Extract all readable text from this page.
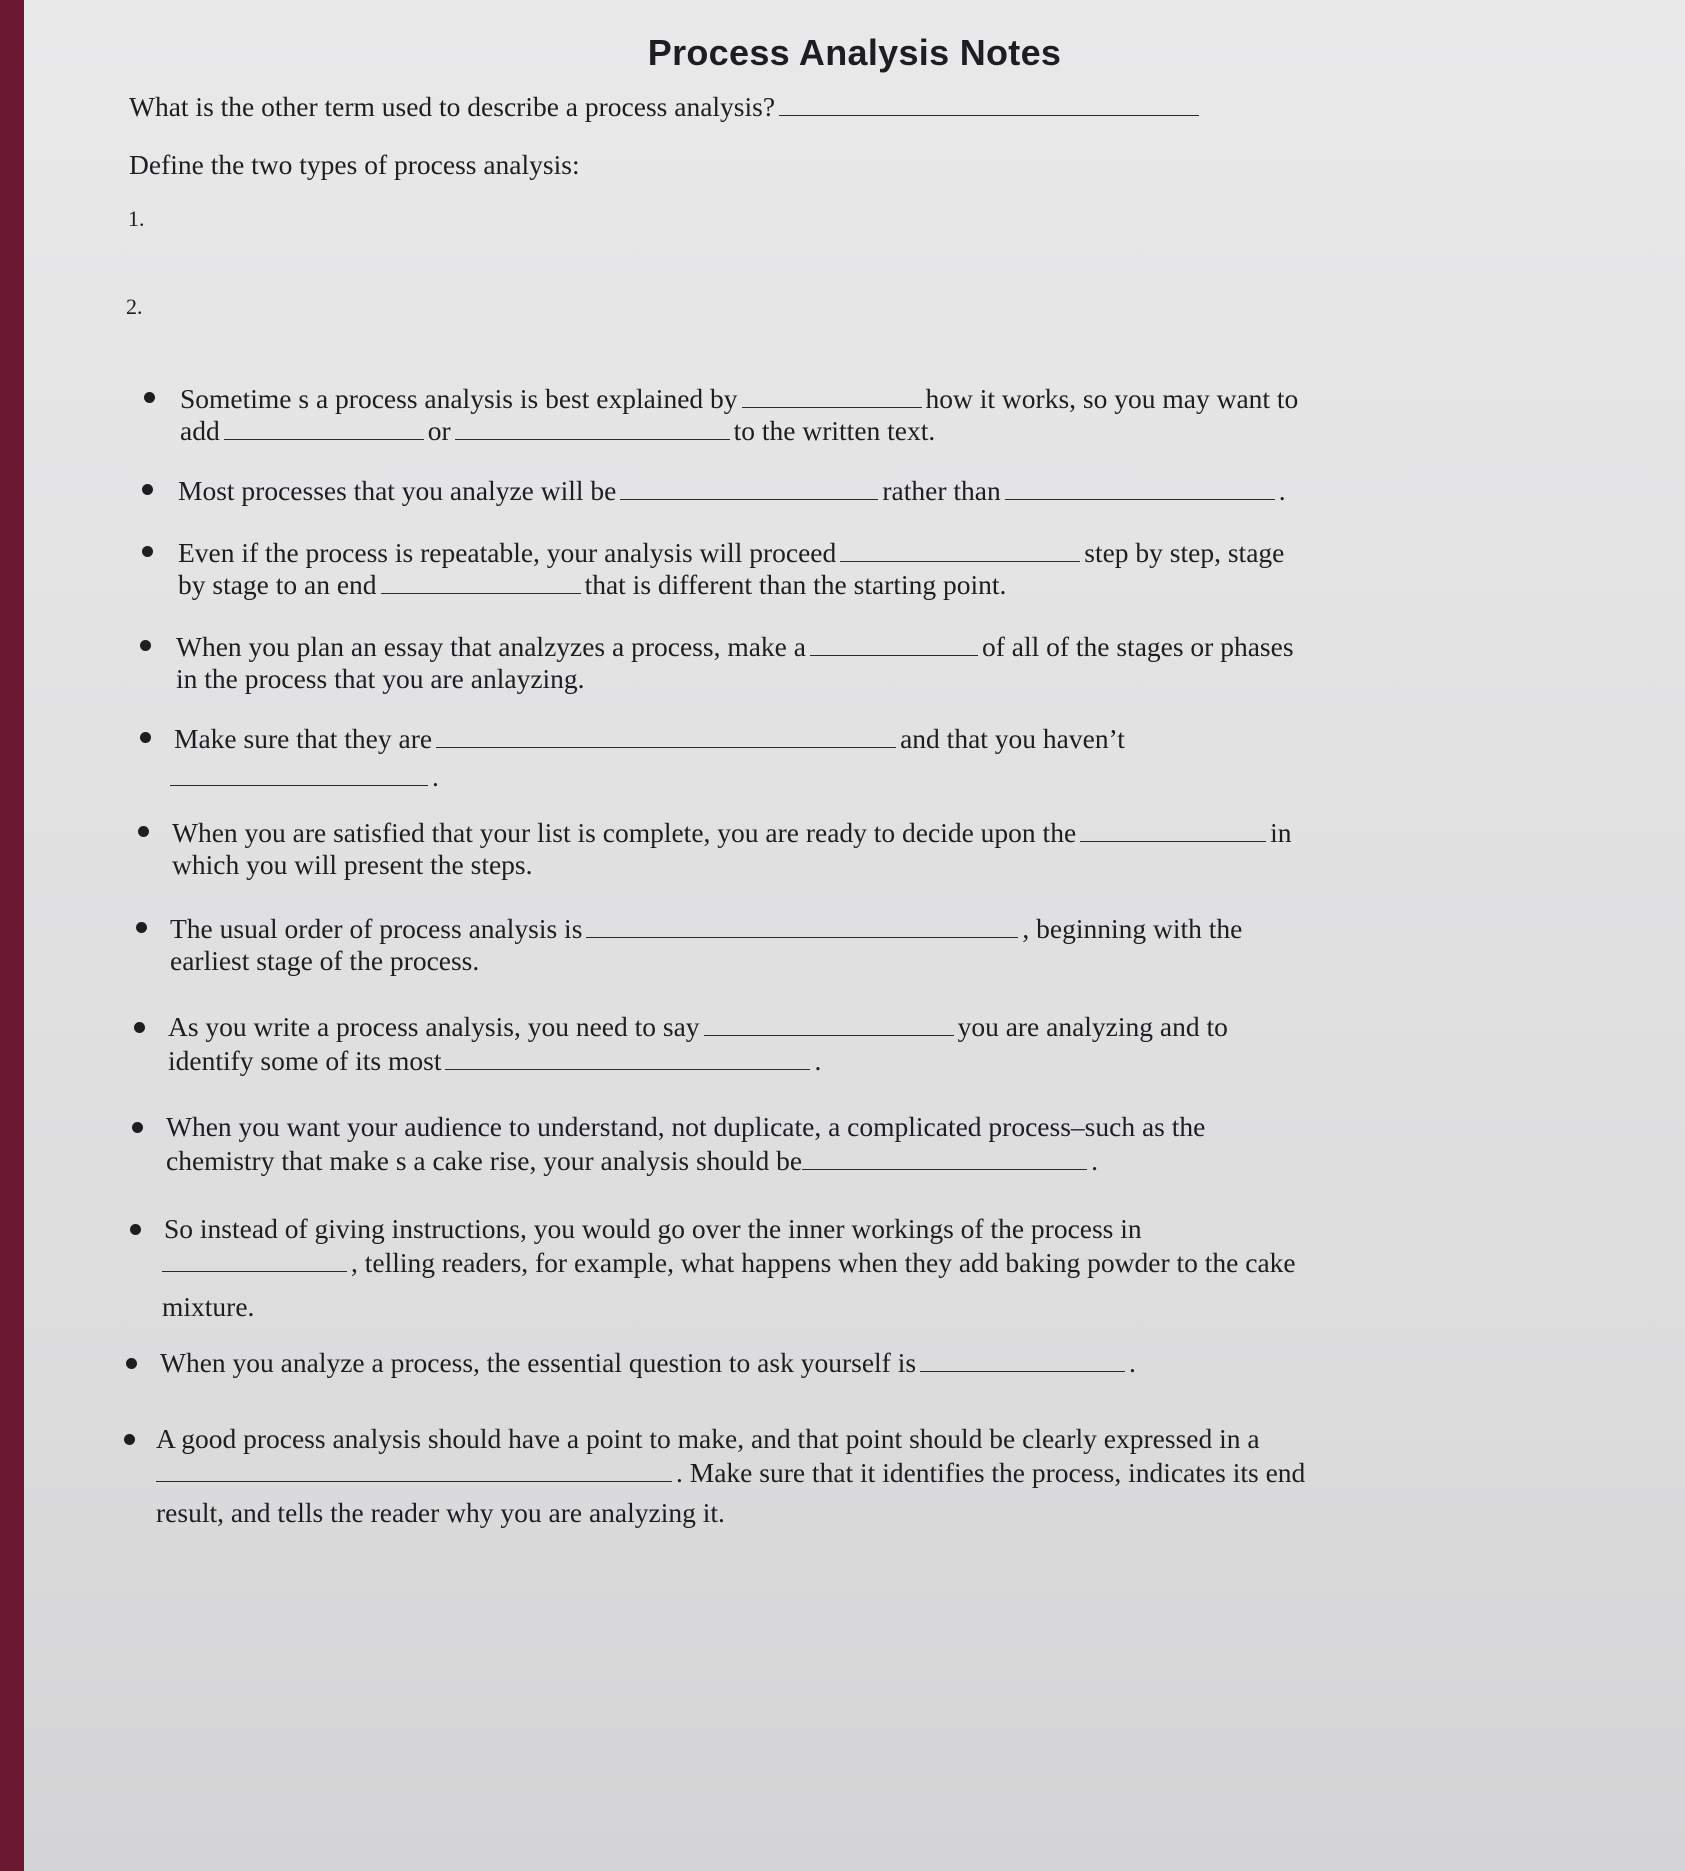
Process Analysis Notes
What is the other term used to describe a process analysis?
Define the two types of process analysis:
1.
2.
Sometime s a process analysis is best explained by	how it works, so you may want to
add	or	to the written text.
Most processes that you analyze will be	rather than	.
Even if the process is repeatable, your analysis will proceed	step by step, stage
by stage to an end	that is different than the starting point.
When you plan an essay that analzyzes a process, make a	of all of the stages or phases
in the process that you are anlayzing.
Make sure that they are	and that you haven’t
.
When you are satisfied that your list is complete, you are ready to decide upon the	in
which you will present the steps.
The usual order of process analysis is	, beginning with the
earliest stage of the process.
As you write a process analysis, you need to say	you are analyzing and to
identify some of its most	.
When you want your audience to understand, not duplicate, a complicated process–such as the
chemistry that make s a cake rise, your analysis should be	.
So instead of giving instructions, you would go over the inner workings of the process in
, telling readers, for example, what happens when they add baking powder to the cake
mixture.
When you analyze a process, the essential question to ask yourself is	.
A good process analysis should have a point to make, and that point should be clearly expressed in a
. Make sure that it identifies the process, indicates its end
result, and tells the reader why you are analyzing it.
